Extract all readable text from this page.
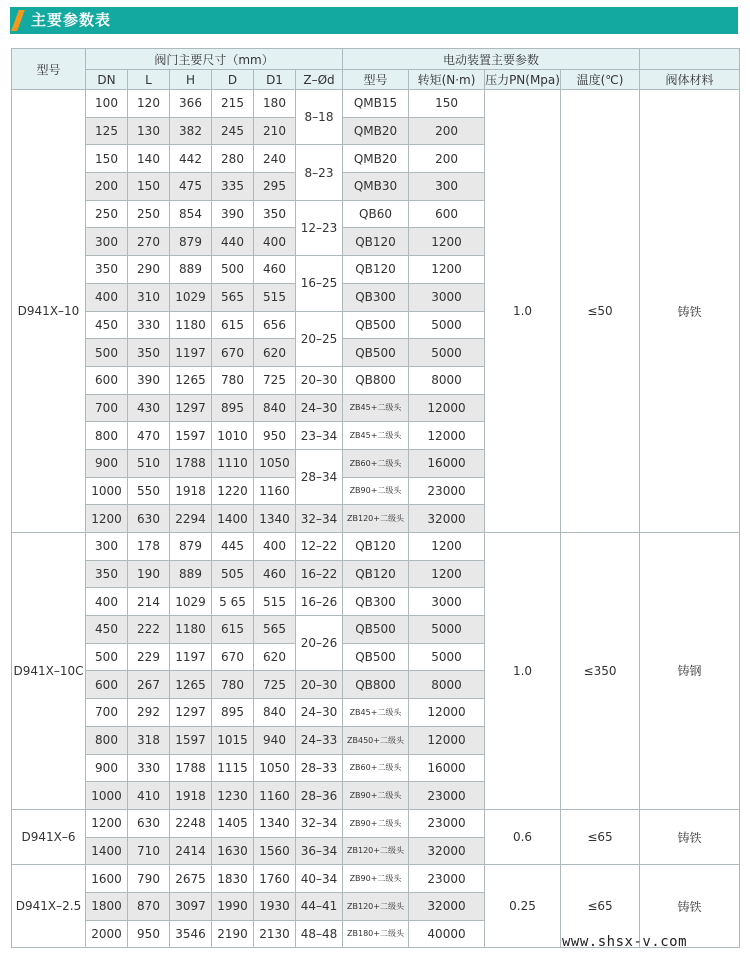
主要参数表
型号	阀门主要尺寸（mm）						电动装置主要参数				
	DN	L	H	D	D1	Z–Ød	型号	转矩(N·m)	压力PN(Mpa)	温度(℃)	阀体材料
D941X–10	100	120	366	215	180	8–18	QMB15	150	1.0	≤50	铸铁
	125	130	382	245	210		QMB20	200			
	150	140	442	280	240	8–23	QMB20	200			
	200	150	475	335	295		QMB30	300			
	250	250	854	390	350	12–23	QB60	600			
	300	270	879	440	400		QB120	1200			
	350	290	889	500	460	16–25	QB120	1200			
	400	310	1029	565	515		QB300	3000			
	450	330	1180	615	656	20–25	QB500	5000			
	500	350	1197	670	620		QB500	5000			
	600	390	1265	780	725	20–30	QB800	8000			
	700	430	1297	895	840	24–30	ZB45+二级头	12000			
	800	470	1597	1010	950	23–34	ZB45+二级头	12000			
	900	510	1788	1110	1050	28–34	ZB60+二级头	16000			
	1000	550	1918	1220	1160		ZB90+二级头	23000			
	1200	630	2294	1400	1340	32–34	ZB120+二级头	32000			
D941X–10C	300	178	879	445	400	12–22	QB120	1200	1.0	≤350	铸钢
	350	190	889	505	460	16–22	QB120	1200			
	400	214	1029	5 65	515	16–26	QB300	3000			
	450	222	1180	615	565	20–26	QB500	5000			
	500	229	1197	670	620		QB500	5000			
	600	267	1265	780	725	20–30	QB800	8000			
	700	292	1297	895	840	24–30	ZB45+二级头	12000			
	800	318	1597	1015	940	24–33	ZB450+二级头	12000			
	900	330	1788	1115	1050	28–33	ZB60+二级头	16000			
	1000	410	1918	1230	1160	28–36	ZB90+二级头	23000			
D941X–6	1200	630	2248	1405	1340	32–34	ZB90+二级头	23000	0.6	≤65	铸铁
	1400	710	2414	1630	1560	36–34	ZB120+二级头	32000			
D941X–2.5	1600	790	2675	1830	1760	40–34	ZB90+二级头	23000	0.25	≤65	铸铁
	1800	870	3097	1990	1930	44–41	ZB120+二级头	32000			
	2000	950	3546	2190	2130	48–48	ZB180+二级头	40000			
www.shsx-v.com
